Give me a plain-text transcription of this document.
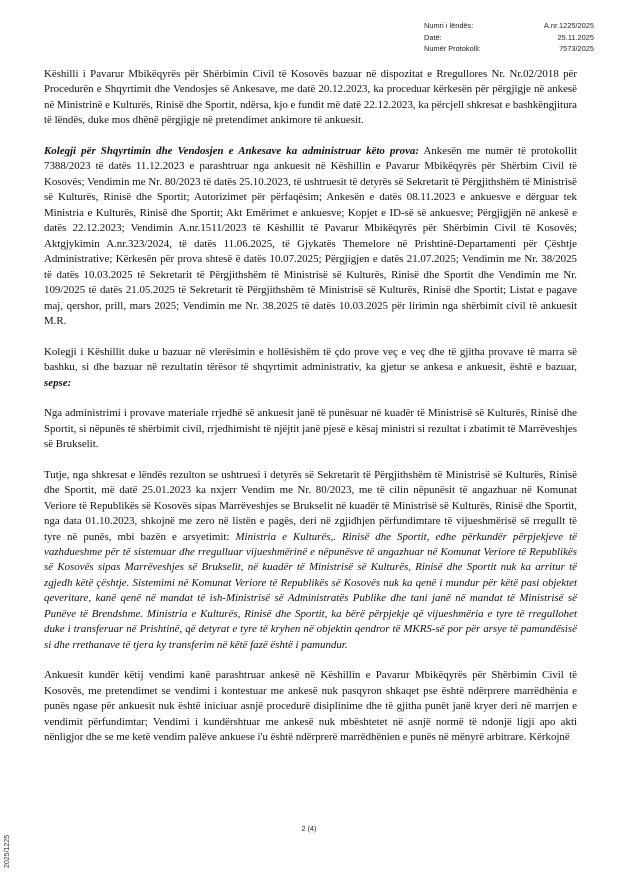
Numri i lëndës:	A.nr.1225/2025
Datë:	25.11.2025
Numër Protokolli:	7573/2025

Këshilli i Pavarur Mbikëqyrës për Shërbimin Civil të Kosovës bazuar në dispozitat e Rregullores Nr. Nr.02/2018 për Procedurën e Shqyrtimit dhe Vendosjes së Ankesave, me datë 20.12.2023, ka proceduar kërkesën për përgjigje në ankesë në Ministrinë e Kulturës, Rinisë dhe Sportit, ndërsa, kjo e fundit më datë 22.12.2023, ka përcjell shkresat e bashkëngjitura të lëndës, duke mos dhënë përgjigje në pretendimet ankimore të ankuesit.

Kolegji për Shqyrtimin dhe Vendosjen e Ankesave ka administruar këto prova: Ankesën me numër të protokollit 7388/2023 të datës 11.12.2023 e parashtruar nga ankuesit në Këshillin e Pavarur Mbikëqyrës për Shërbim Civil të Kosovës; Vendimin me Nr. 80/2023 të datës 25.10.2023, të ushtruesit të detyrës së Sekretarit të Përgjithshëm të Ministrisë së Kulturës, Rinisë dhe Sportit; Autorizimet për përfaqësim; Ankesën e datës 08.11.2023 e ankuesve e dërguar tek Ministria e Kulturës, Rinisë dhe Sportit; Akt Emërimet e ankuesve; Kopjet e ID-së së ankuesve; Përgjigjën në ankesë e datës 22.12.2023; Vendimin A.nr.1511/2023 të Këshillit të Pavarur Mbikëqyrës për Shërbimin Civil të Kosovës; Aktgjykimin A.nr.323/2024, të datës 11.06.2025, të Gjykatës Themelore në Prishtinë-Departamenti për Çështje Administrative; Kërkesën për prova shtesë ë datës 10.07.2025; Përgjigjen e datës 21.07.2025; Vendimin me Nr. 38/2025 të datës 10.03.2025 të Sekretarit të Përgjithshëm të Ministrisë së Kulturës, Rinisë dhe Sportit dhe Vendimin me Nr. 109/2025 të datës 21.05.2025 të Sekretarit të Përgjithshëm të Ministrisë së Kulturës, Rinisë dhe Sportit; Listat e pagave maj, qershor, prill, mars 2025; Vendimin me Nr. 38.2025 të datës 10.03.2025 për lirimin nga shërbimit civil të ankuesit M.R.

Kolegji i Këshillit duke u bazuar në vlerësimin e hollësishëm të çdo prove veç e veç dhe të gjitha provave të marra së bashku, si dhe bazuar në rezultatin tërësor të shqyrtimit administrativ, ka gjetur se ankesa e ankuesit, është e bazuar, sepse:

Nga administrimi i provave materiale rrjedhë së ankuesit janë të punësuar në kuadër të Ministrisë së Kulturës, Rinisë dhe Sportit, si nëpunës të shërbimit civil, rrjedhimisht të njëjtit janë pjesë e kësaj ministri si rezultat i zbatimit të Marrëveshjes së Brukselit.

Tutje, nga shkresat e lëndës rezulton se ushtruesi i detyrës së Sekretarit të Përgjithshëm të Ministrisë së Kulturës, Rinisë dhe Sportit, më datë 25.01.2023 ka nxjerr Vendim me Nr. 80/2023, me të cilin nëpunësit të angazhuar në Komunat Veriore të Republikës së Kosovës sipas Marrëveshjes se Brukselit në kuadër të Ministrisë së Kulturës, Rinisë dhe Sportit, nga data 01.10.2023, shkojnë me zero në listën e pagës, deri në zgjidhjen përfundimtare të vijueshmërisë së rregullt të tyre në punës, mbi bazën e arsyetimit: Ministria e Kulturës,. Rinisë dhe Sportit, edhe përkundër përpjekjeve të vazhdueshme për të sistemuar dhe rregulluar vijueshmërinë e nëpunësve të angazhuar në Komunat Veriore të Republikës së Kosovës sipas Marrëveshjes së Brukselit, në kuadër të Ministrisë së Kulturës, Rinisë dhe Sportit nuk ka arritur të zgjedh këtë çështje. Sistemimi në Komunat Veriore të Republikës së Kosovës nuk ka qenë i mundur për këtë pasi objektet qeveritare, kanë qenë në mandat të ish-Ministrisë së Administratës Publike dhe tani janë në mandat të Ministrisë së Punëve të Brendshme. Ministria e Kulturës, Rinisë dhe Sportit, ka bërë përpjekje që vijueshmëria e tyre të rregullohet duke i transferuar në Prishtinë, që detyrat e tyre të kryhen në objektin qendror të MKRS-së por për arsye të pamundësisë si dhe rrethanave të tjera ky transferim në këtë fazë është i pamundur.

Ankuesit kundër këtij vendimi kanë parashtruar ankesë në Këshillin e Pavarur Mbikëqyrës për Shërbimin Civil të Kosovës, me pretendimet se vendimi i kontestuar me ankesë nuk pasqyron shkaqet pse është ndërprere marrëdhënia e punës ngase për ankuesit nuk është iniciuar asnjë procedurë disiplinime dhe të gjitha punët janë kryer deri në marrjen e vendimit përfundimtar; Vendimi i kundërshtuar me ankesë nuk mbështetet në asnjë normë të ndonjë ligji apo akti nënligjor dhe se me ketë vendim palëve ankuese i'u është ndërprerë marrëdhënien e punës në mënyrë arbitrare. Kërkojnë

2 (4)
2025/1225
